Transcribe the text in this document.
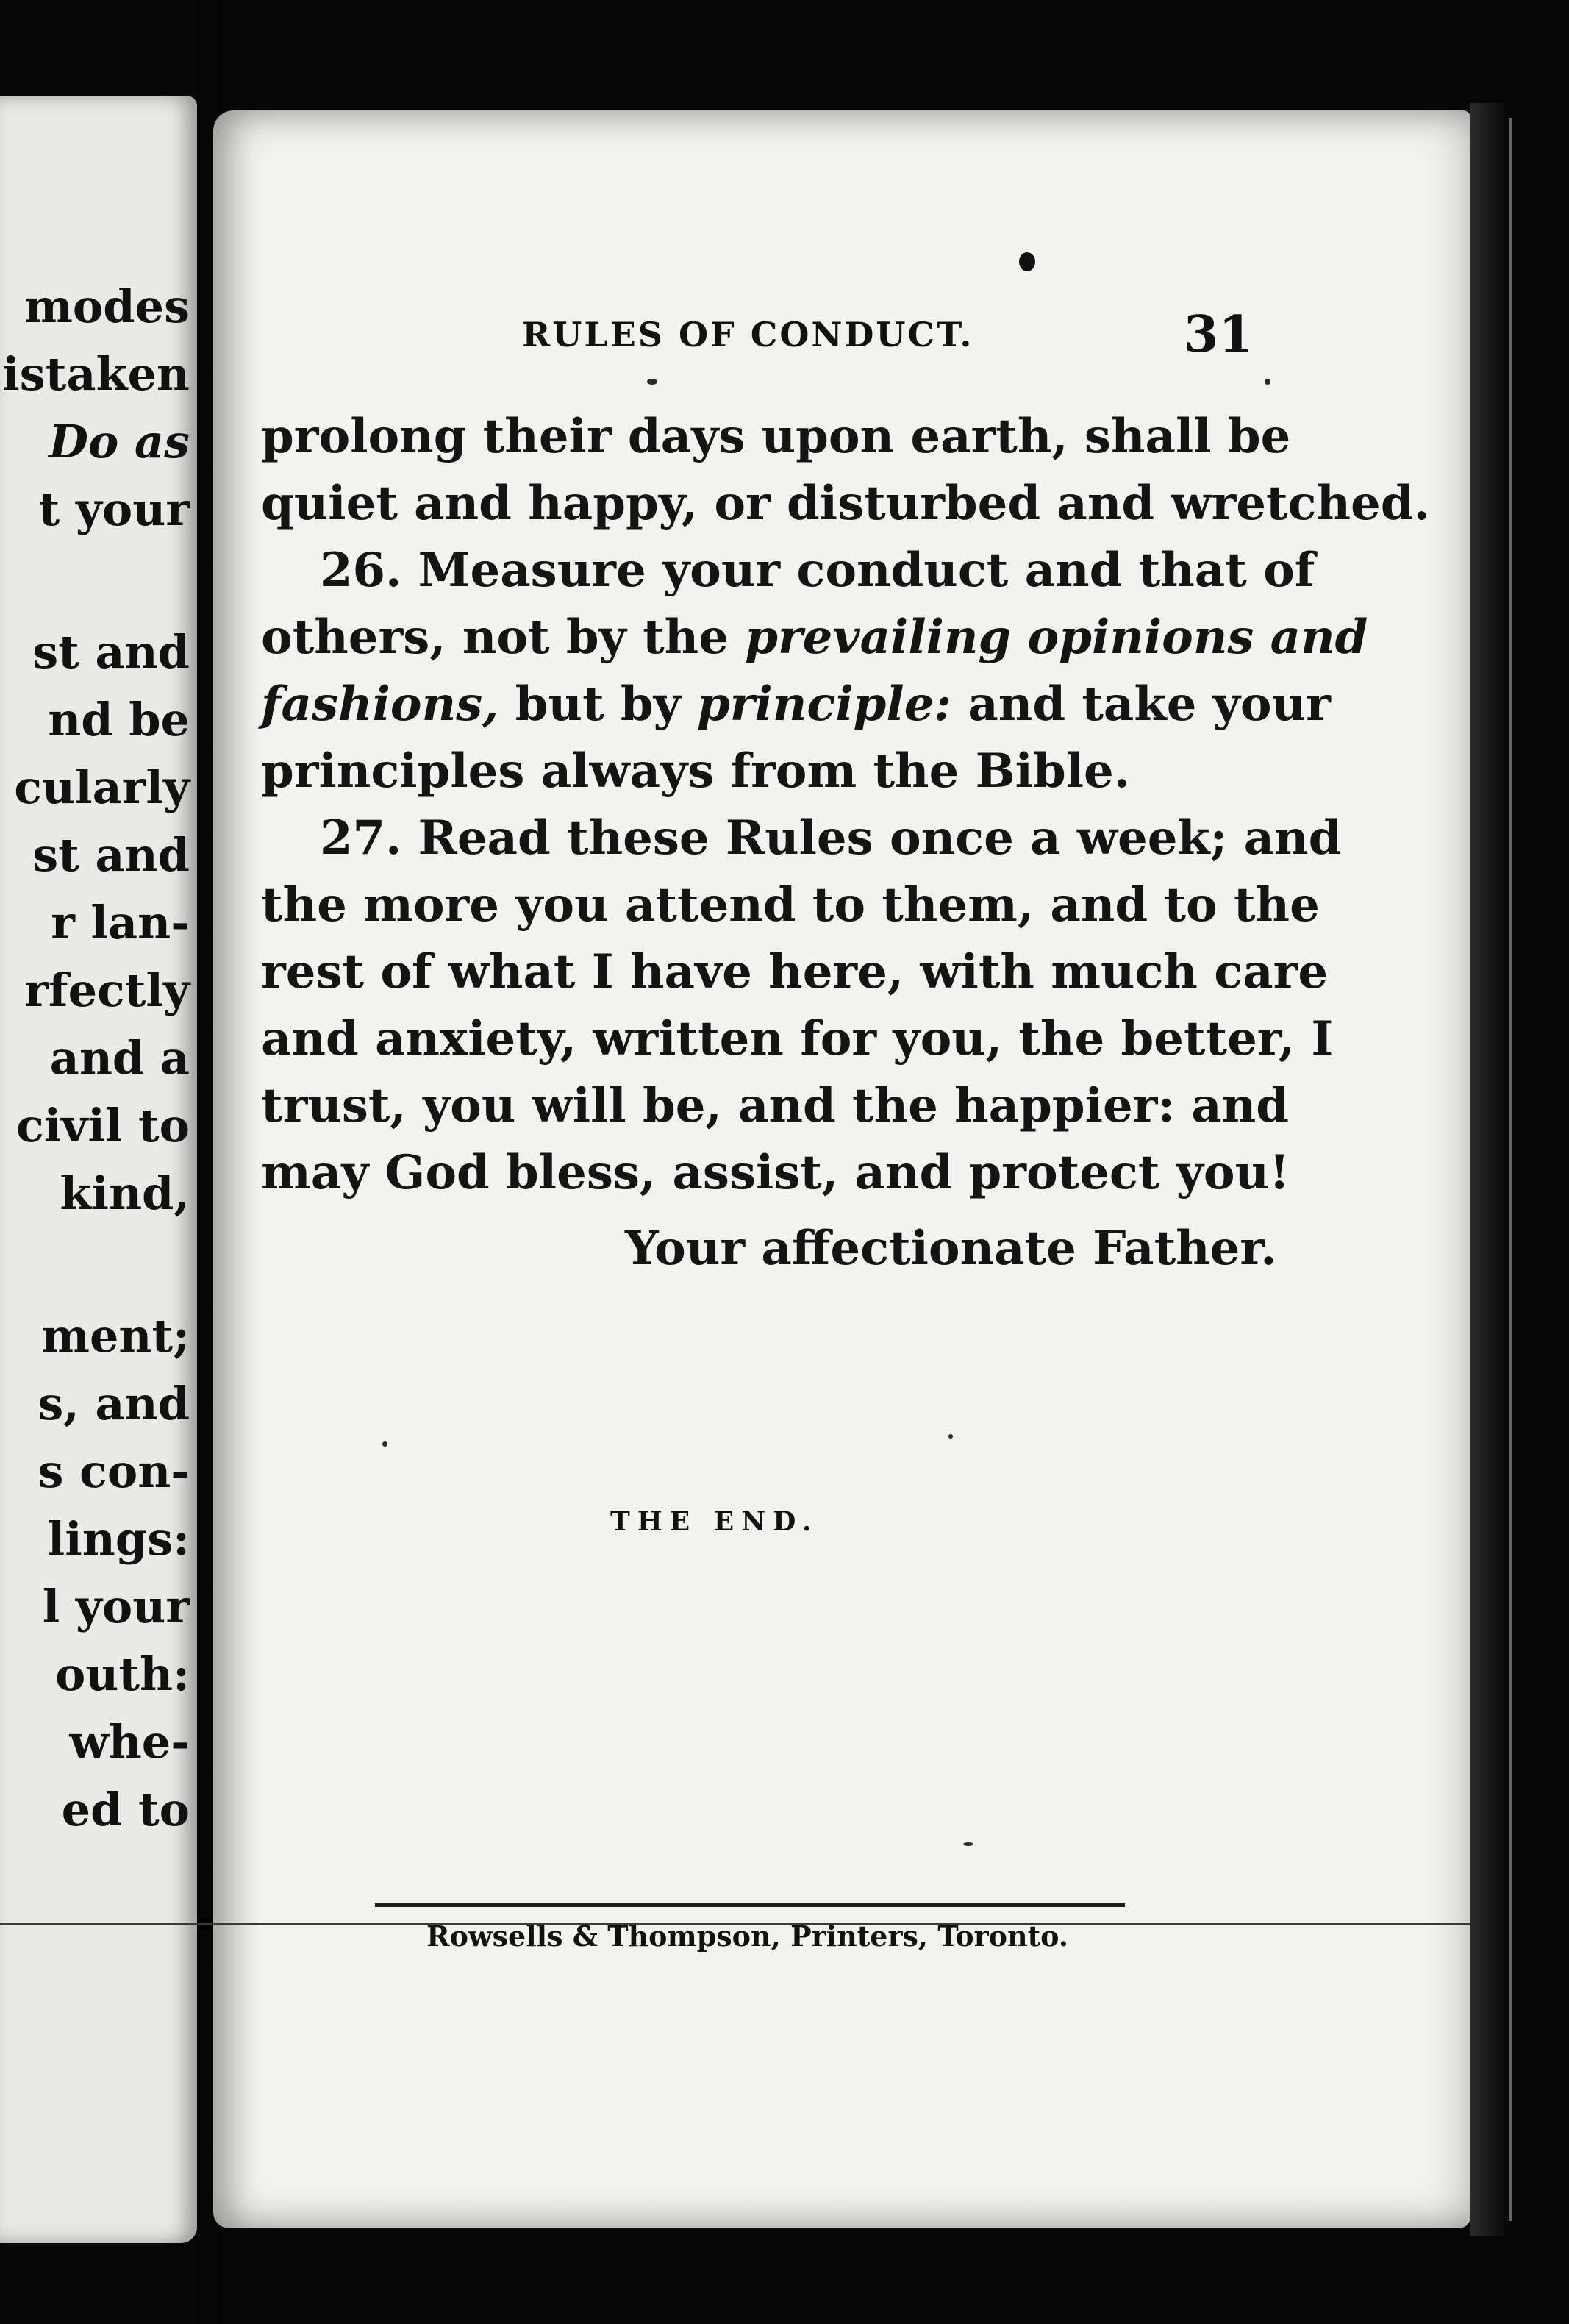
modes
istaken
Do as
t your
st and
nd be
cularly
st and
r lan-
rfectly
and a
civil to
kind,
ment;
s, and
s con-
lings:
l your
outh:
whe-
ed to
RULES OF CONDUCT.	31
prolong their days upon earth, shall be
quiet and happy, or disturbed and wretched.
26. Measure your conduct and that of
others, not by the prevailing opinions and
fashions, but by principle: and take your
principles always from the Bible.
27. Read these Rules once a week; and
the more you attend to them, and to the
rest of what I have here, with much care
and anxiety, written for you, the better, I
trust, you will be, and the happier: and
may God bless, assist, and protect you!
Your affectionate Father.
THE END.
Rowsells & Thompson, Printers, Toronto.
